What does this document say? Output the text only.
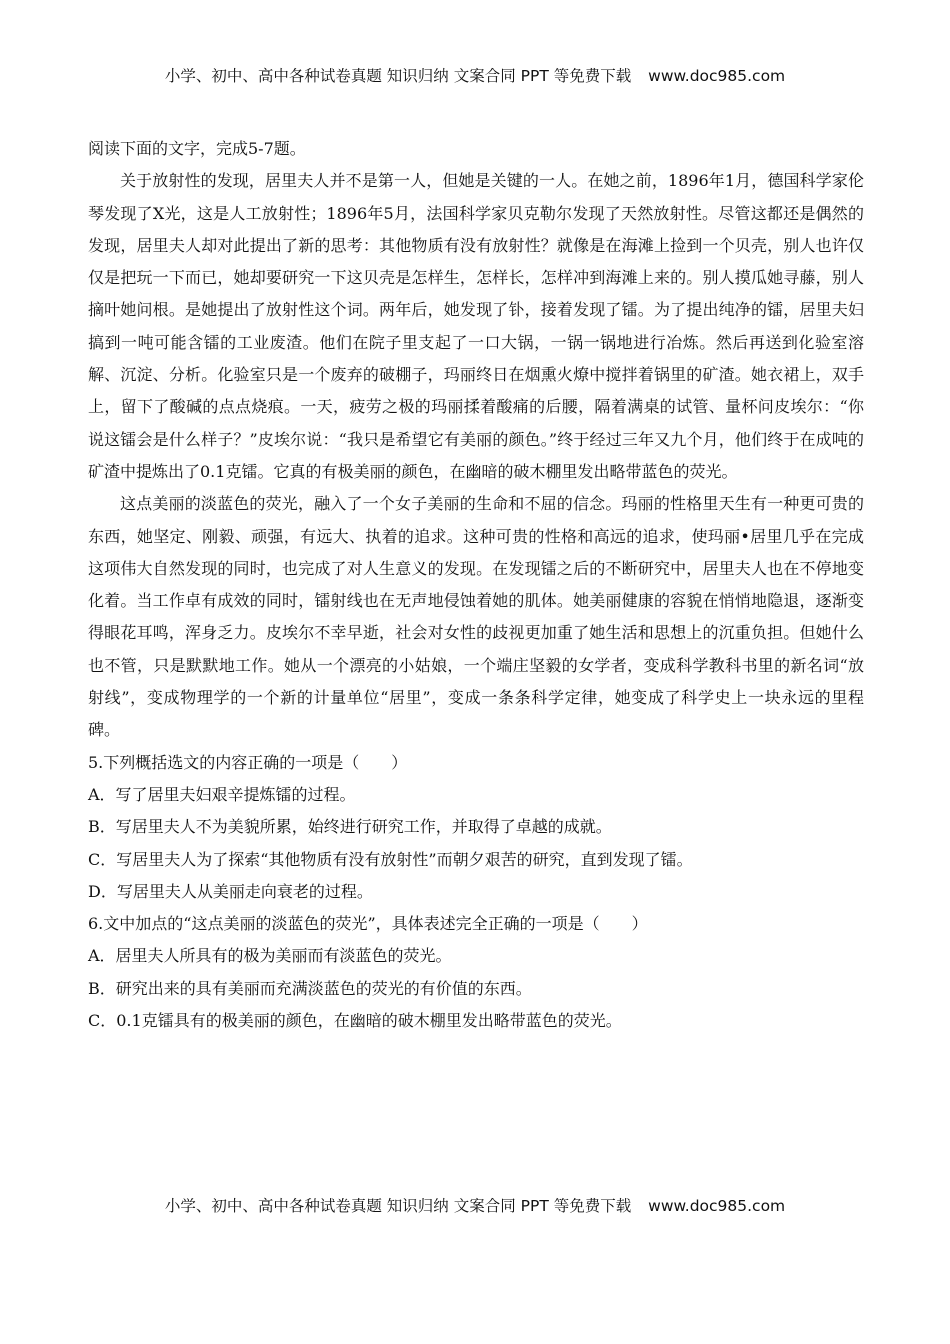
小学、初中、高中各种试卷真题 知识归纳 文案合同 PPT 等免费下载 www.doc985.com

阅读下面的文字，完成5-7题。

关于放射性的发现，居里夫人并不是第一人，但她是关键的一人。在她之前，1896年1月，德国科学家伦琴发现了X光，这是人工放射性；1896年5月，法国科学家贝克勒尔发现了天然放射性。尽管这都还是偶然的发现，居里夫人却对此提出了新的思考：其他物质有没有放射性？就像是在海滩上捡到一个贝壳，别人也许仅仅是把玩一下而已，她却要研究一下这贝壳是怎样生，怎样长，怎样冲到海滩上来的。别人摸瓜她寻藤，别人摘叶她问根。是她提出了放射性这个词。两年后，她发现了钋，接着发现了镭。为了提出纯净的镭，居里夫妇搞到一吨可能含镭的工业废渣。他们在院子里支起了一口大锅，一锅一锅地进行冶炼。然后再送到化验室溶解、沉淀、分析。化验室只是一个废弃的破棚子，玛丽终日在烟熏火燎中搅拌着锅里的矿渣。她衣裙上，双手上，留下了酸碱的点点烧痕。一天，疲劳之极的玛丽揉着酸痛的后腰，隔着满桌的试管、量杯问皮埃尔：“你说这镭会是什么样子？”皮埃尔说：“我只是希望它有美丽的颜色。”终于经过三年又九个月，他们终于在成吨的矿渣中提炼出了0.1克镭。它真的有极美丽的颜色，在幽暗的破木棚里发出略带蓝色的荧光。

这点美丽的淡蓝色的荧光，融入了一个女子美丽的生命和不屈的信念。玛丽的性格里天生有一种更可贵的东西，她坚定、刚毅、顽强，有远大、执着的追求。这种可贵的性格和高远的追求，使玛丽•居里几乎在完成这项伟大自然发现的同时，也完成了对人生意义的发现。在发现镭之后的不断研究中，居里夫人也在不停地变化着。当工作卓有成效的同时，镭射线也在无声地侵蚀着她的肌体。她美丽健康的容貌在悄悄地隐退，逐渐变得眼花耳鸣，浑身乏力。皮埃尔不幸早逝，社会对女性的歧视更加重了她生活和思想上的沉重负担。但她什么也不管，只是默默地工作。她从一个漂亮的小姑娘，一个端庄坚毅的女学者，变成科学教科书里的新名词“放射线”，变成物理学的一个新的计量单位“居里”，变成一条条科学定律，她变成了科学史上一块永远的里程碑。

5.下列概括选文的内容正确的一项是（　　）

A．写了居里夫妇艰辛提炼镭的过程。

B．写居里夫人不为美貌所累，始终进行研究工作，并取得了卓越的成就。

C．写居里夫人为了探索“其他物质有没有放射性”而朝夕艰苦的研究，直到发现了镭。

D．写居里夫人从美丽走向衰老的过程。

6.文中加点的“这点美丽的淡蓝色的荧光”，具体表述完全正确的一项是（　　）

A．居里夫人所具有的极为美丽而有淡蓝色的荧光。

B．研究出来的具有美丽而充满淡蓝色的荧光的有价值的东西。

C．0.1克镭具有的极美丽的颜色，在幽暗的破木棚里发出略带蓝色的荧光。

小学、初中、高中各种试卷真题 知识归纳 文案合同 PPT 等免费下载 www.doc985.com
